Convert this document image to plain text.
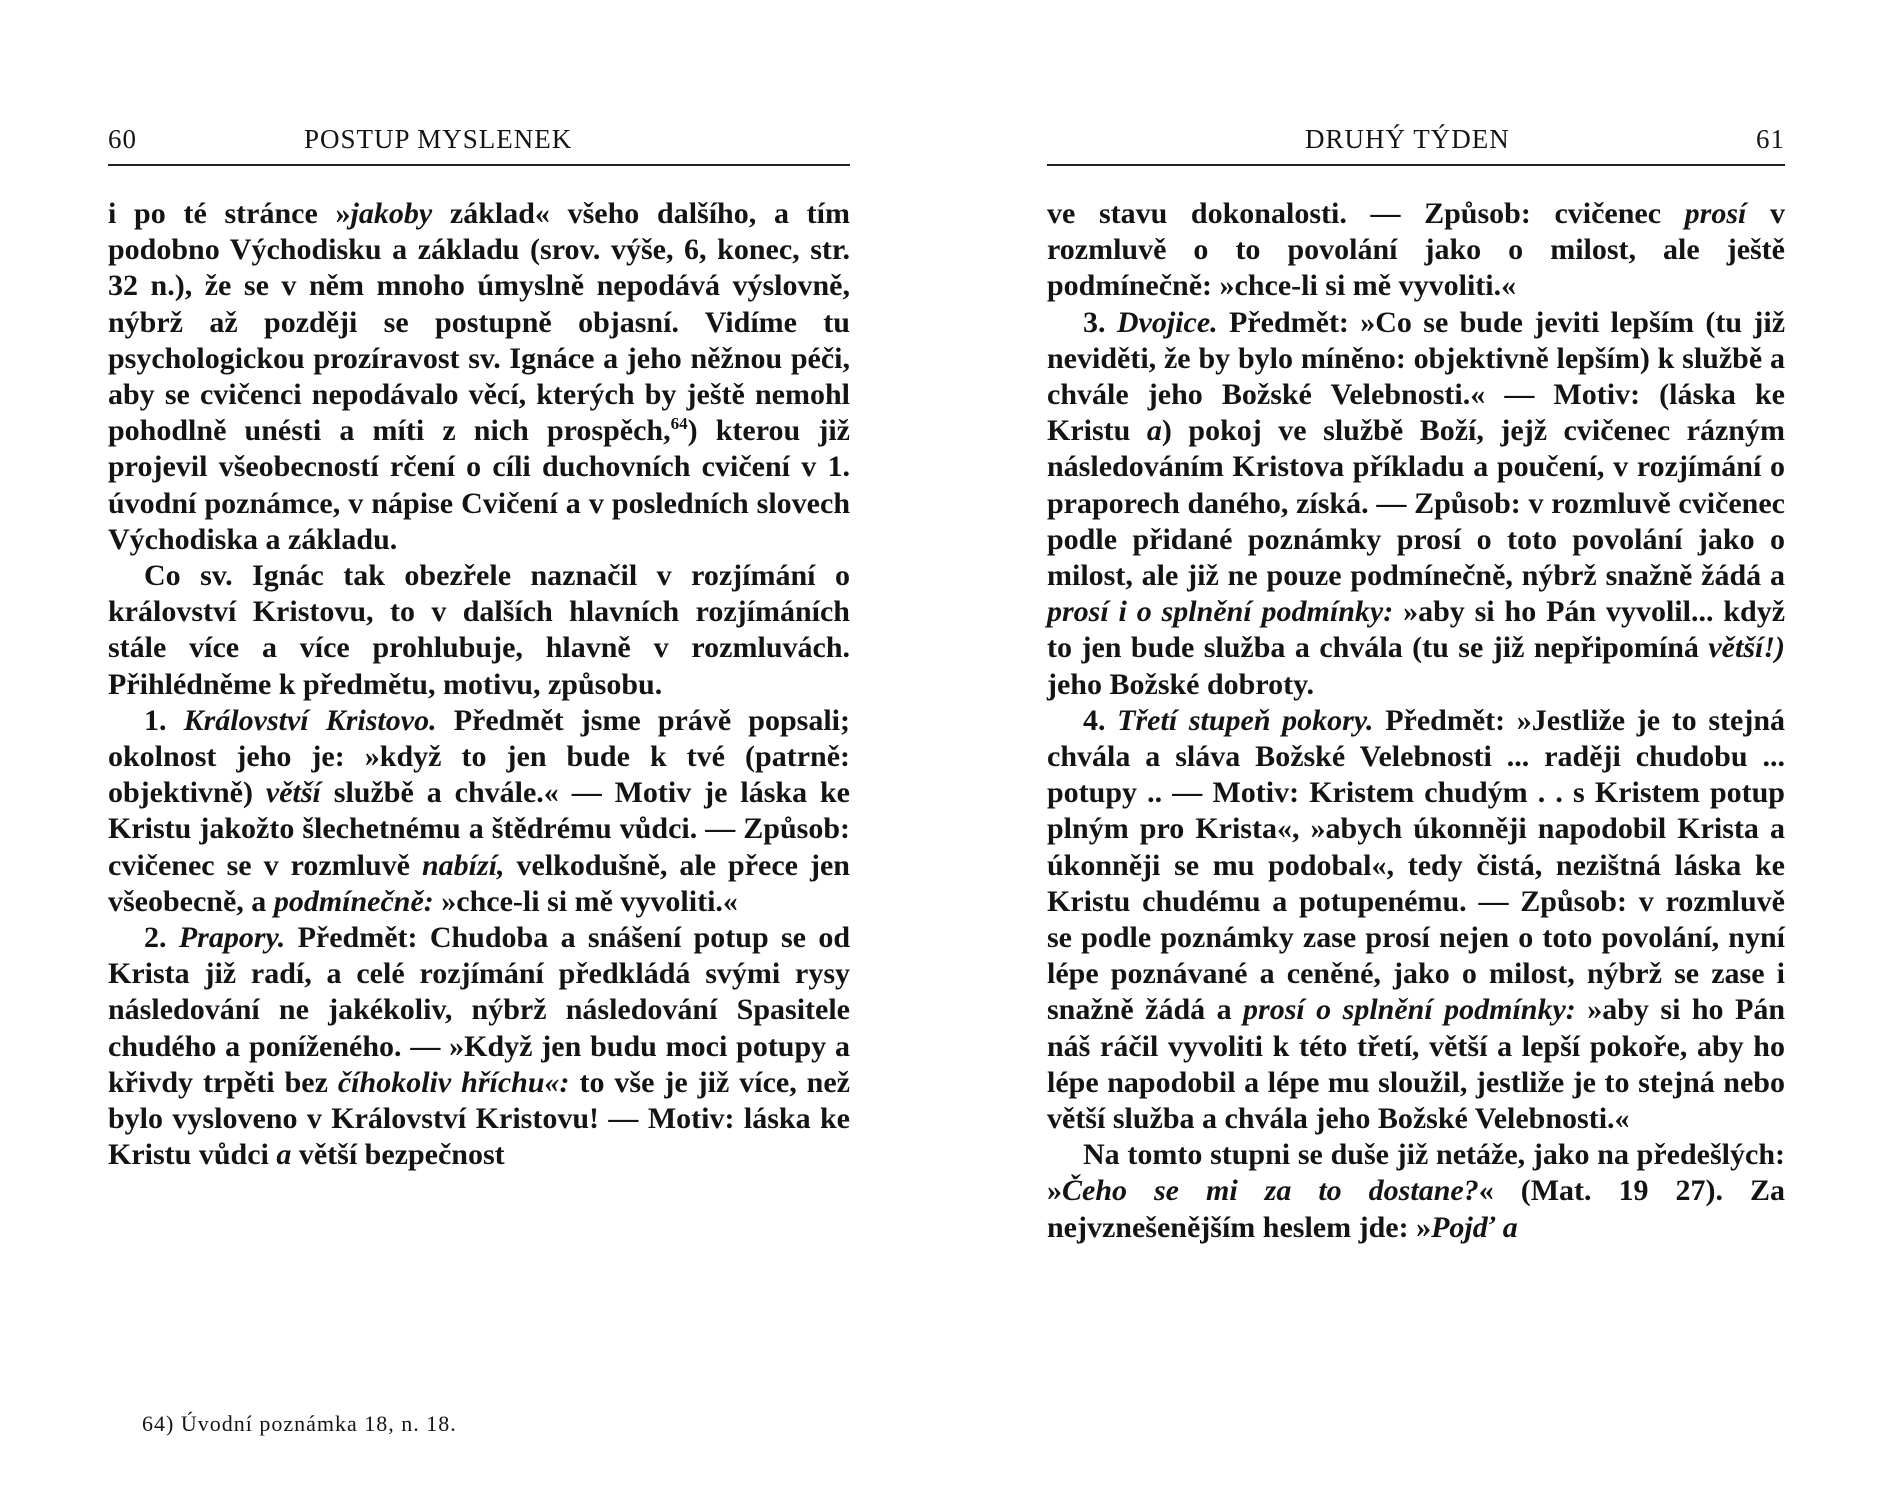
60	POSTUP MYSLENEK

i po té stránce »jakoby základ« všeho dalšího, a tím podobno Východisku a základu (srov. výše, 6, konec, str. 32 n.), že se v něm mnoho úmyslně nepodává výslovně, nýbrž až později se postupně objasní. Vidíme tu psychologickou prozíravost sv. Ignáce a jeho něžnou péči, aby se cvičenci nepodávalo věcí, kterých by ještě nemohl pohodlně unésti a míti z nich prospěch,$^{64}$) kterou již projevil všeobecností rčení o cíli duchovních cvičení v 1. úvodní poznámce, v nápise Cvičení a v posledních slovech Východiska a základu.

Co sv. Ignác tak obezřele naznačil v rozjímání o království Kristovu, to v dalších hlavních rozjímáních stále více a více prohlubuje, hlavně v rozmluvách. Přihlédněme k předmětu, motivu, způsobu.

1. Království Kristovo. Předmět jsme právě popsali; okolnost jeho je: »když to jen bude k tvé (patrně: objektivně) větší službě a chvále.« — Motiv je láska ke Kristu jakožto šlechetnému a štědrému vůdci. — Způsob: cvičenec se v rozmluvě nabízí, velkodušně, ale přece jen všeobecně, a podmínečně: »chce-li si mě vyvoliti.«

2. Prapory. Předmět: Chudoba a snášení potup se od Krista již radí, a celé rozjímání předkládá svými rysy následování ne jakékoliv, nýbrž následování Spasitele chudého a poníženého. — »Když jen budu moci potupy a křivdy trpěti bez číhokoliv hříchu«: to vše je již více, než bylo vysloveno v Království Kristovu! — Motiv: láska ke Kristu vůdci a větší bezpečnost

64) Úvodní poznámka 18, n. 18.
DRUHÝ TÝDEN	61

ve stavu dokonalosti. — Způsob: cvičenec prosí v rozmluvě o to povolání jako o milost, ale ještě podmínečně: »chce-li si mě vyvoliti.«

3. Dvojice. Předmět: »Co se bude jeviti lepším (tu již neviděti, že by bylo míněno: objektivně lepším) k službě a chvále jeho Božské Velebnosti.« — Motiv: (láska ke Kristu a) pokoj ve službě Boží, jejž cvičenec rázným následováním Kristova příkladu a poučení, v rozjímání o praporech daného, získá. — Způsob: v rozmluvě cvičenec podle přidané poznámky prosí o toto povolání jako o milost, ale již ne pouze podmínečně, nýbrž snažně žádá a prosí i o splnění podmínky: »aby si ho Pán vyvolil... když to jen bude služba a chvála (tu se již nepřipomíná větší!) jeho Božské dobroty.

4. Třetí stupeň pokory. Předmět: »Jestliže je to stejná chvála a sláva Božské Velebnosti ... raději chudobu ... potupy .. — Motiv: Kristem chudým . . s Kristem potup plným pro Krista«, »abych úkonněji napodobil Krista a úkonněji se mu podobal«, tedy čistá, nezištná láska ke Kristu chudému a potupenému. — Způsob: v rozmluvě se podle poznámky zase prosí nejen o toto povolání, nyní lépe poznávané a ceněné, jako o milost, nýbrž se zase i snažně žádá a prosí o splnění podmínky: »aby si ho Pán náš ráčil vyvoliti k této třetí, větší a lepší pokoře, aby ho lépe napodobil a lépe mu sloužil, jestliže je to stejná nebo větší služba a chvála jeho Božské Velebnosti.«

Na tomto stupni se duše již netáže, jako na předešlých: »Čeho se mi za to dostane?« (Mat. 19 27). Za nejvznešenějším heslem jde: »Pojď a
